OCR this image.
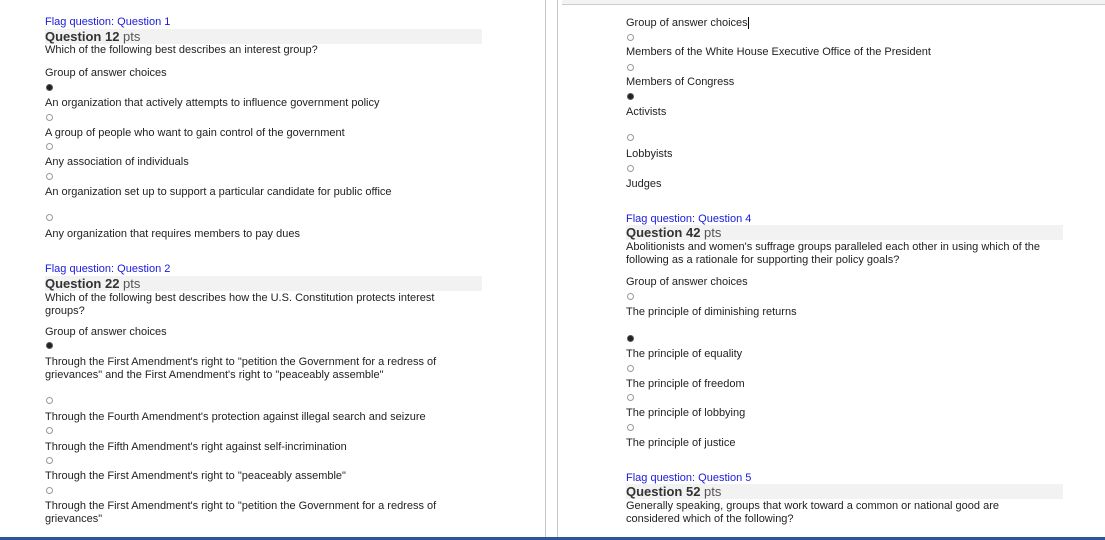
Flag question: Question 1
Question 12 pts
Which of the following best describes an interest group?
Group of answer choices
An organization that actively attempts to influence government policy
A group of people who want to gain control of the government
Any association of individuals
An organization set up to support a particular candidate for public office
Any organization that requires members to pay dues
Flag question: Question 2
Question 22 pts
Which of the following best describes how the U.S. Constitution protects interest groups?
Group of answer choices
Through the First Amendment's right to "petition the Government for a redress of grievances" and the First Amendment's right to "peaceably assemble"
Through the Fourth Amendment's protection against illegal search and seizure
Through the Fifth Amendment's right against self-incrimination
Through the First Amendment's right to "peaceably assemble"
Through the First Amendment's right to "petition the Government for a redress of grievances"
Group of answer choices
Members of the White House Executive Office of the President
Members of Congress
Activists
Lobbyists
Judges
Flag question: Question 4
Question 42 pts
Abolitionists and women's suffrage groups paralleled each other in using which of the following as a rationale for supporting their policy goals?
Group of answer choices
The principle of diminishing returns
The principle of equality
The principle of freedom
The principle of lobbying
The principle of justice
Flag question: Question 5
Question 52 pts
Generally speaking, groups that work toward a common or national good are considered which of the following?
